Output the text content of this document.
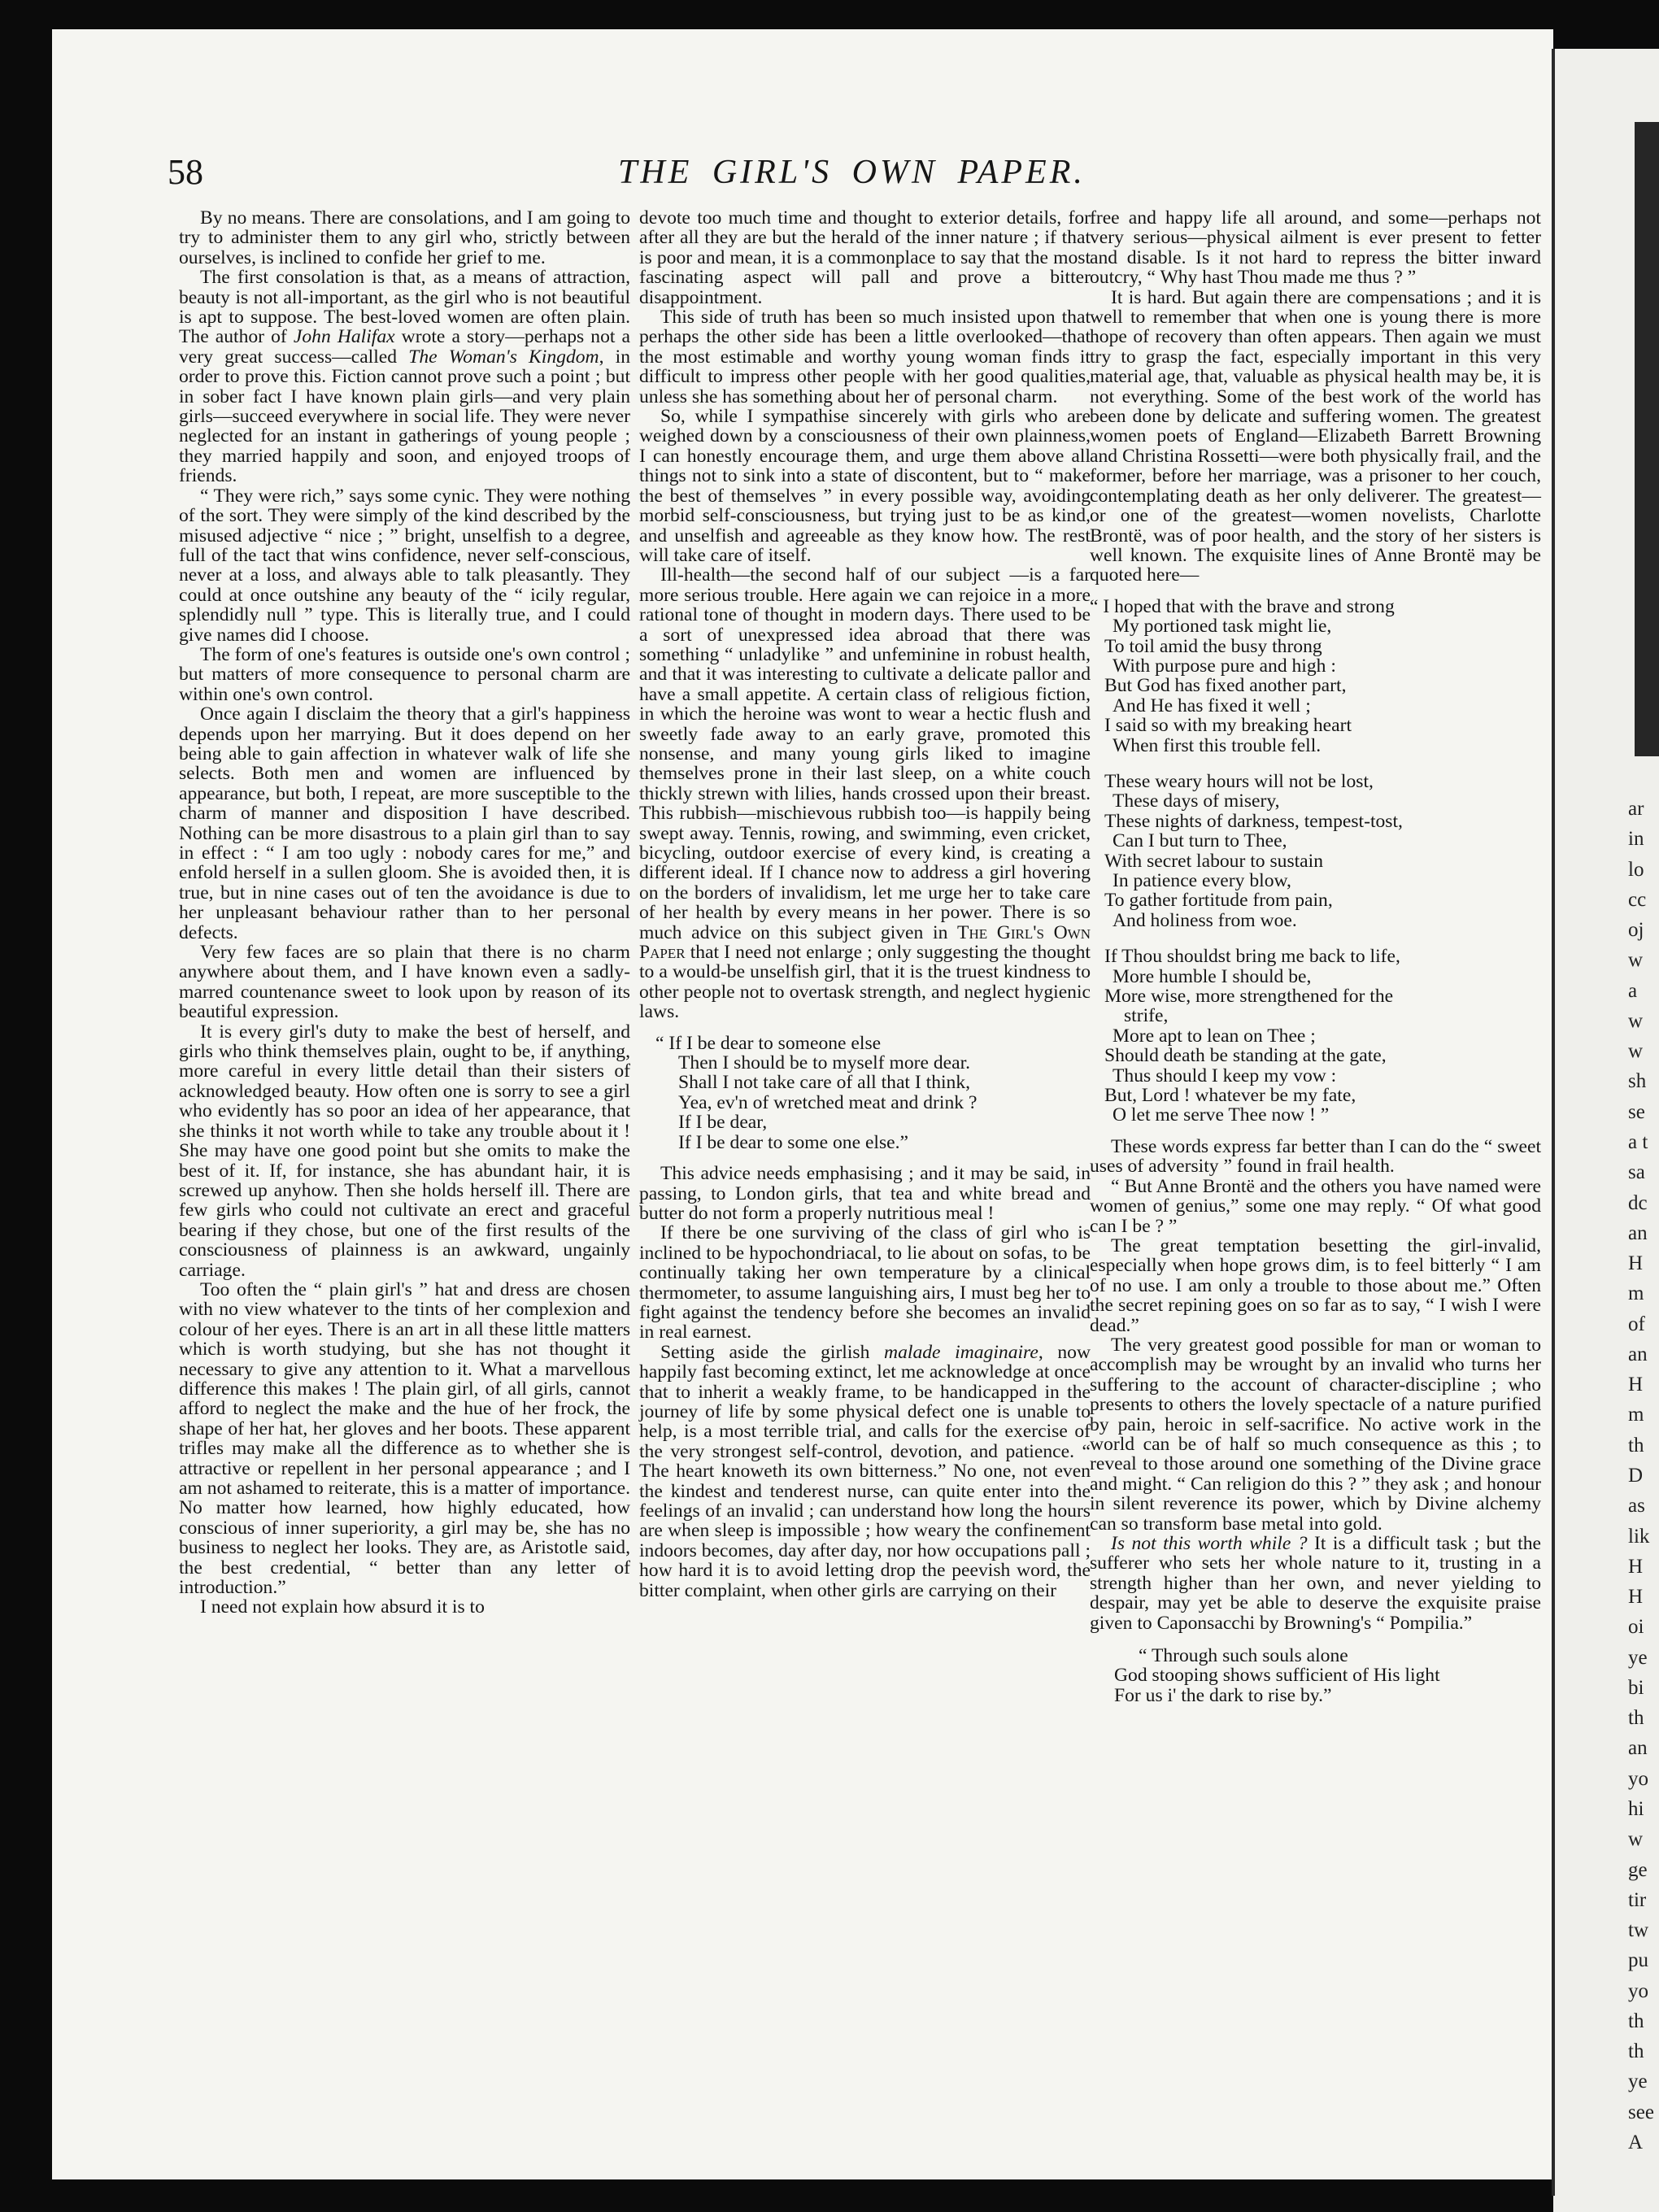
ar
in
lo
cc
oj
w
a
w
w
sh
se
a t
sa
dc
an
H
m
of
an
H
m
th
D
as
lik
H
H
oi
ye
bi
th
an
yo
hi
w
ge
tir
tw
pu
yo
th
th
ye
see
A
58	THE GIRL'S OWN PAPER.

By no means. There are consolations, and I am going to try to administer them to any girl who, strictly between ourselves, is inclined to confide her grief to me.

The first consolation is that, as a means of attraction, beauty is not all-important, as the girl who is not beautiful is apt to suppose. The best-loved women are often plain. The author of John Halifax wrote a story—perhaps not a very great success—called The Woman's Kingdom, in order to prove this. Fiction cannot prove such a point ; but in sober fact I have known plain girls—and very plain girls—succeed everywhere in social life. They were never neglected for an instant in gatherings of young people ; they married happily and soon, and enjoyed troops of friends.

“ They were rich,” says some cynic. They were nothing of the sort. They were simply of the kind described by the misused adjective “ nice ; ” bright, unselfish to a degree, full of the tact that wins confidence, never self-conscious, never at a loss, and always able to talk pleasantly. They could at once outshine any beauty of the “ icily regular, splendidly null ” type. This is literally true, and I could give names did I choose.

The form of one's features is outside one's own control ; but matters of more consequence to personal charm are within one's own control.

Once again I disclaim the theory that a girl's happiness depends upon her marrying. But it does depend on her being able to gain affection in whatever walk of life she selects. Both men and women are influenced by appearance, but both, I repeat, are more susceptible to the charm of manner and disposition I have described. Nothing can be more disastrous to a plain girl than to say in effect : “ I am too ugly : nobody cares for me,” and enfold herself in a sullen gloom. She is avoided then, it is true, but in nine cases out of ten the avoidance is due to her unpleasant behaviour rather than to her personal defects.

Very few faces are so plain that there is no charm anywhere about them, and I have known even a sadly-marred countenance sweet to look upon by reason of its beautiful expression.

It is every girl's duty to make the best of herself, and girls who think themselves plain, ought to be, if anything, more careful in every little detail than their sisters of acknowledged beauty. How often one is sorry to see a girl who evidently has so poor an idea of her appearance, that she thinks it not worth while to take any trouble about it ! She may have one good point but she omits to make the best of it. If, for instance, she has abundant hair, it is screwed up anyhow. Then she holds herself ill. There are few girls who could not cultivate an erect and graceful bearing if they chose, but one of the first results of the consciousness of plainness is an awkward, ungainly carriage.

Too often the “ plain girl's ” hat and dress are chosen with no view whatever to the tints of her complexion and colour of her eyes. There is an art in all these little matters which is worth studying, but she has not thought it necessary to give any attention to it. What a marvellous difference this makes ! The plain girl, of all girls, cannot afford to neglect the make and the hue of her frock, the shape of her hat, her gloves and her boots. These apparent trifles may make all the difference as to whether she is attractive or repellent in her personal appearance ; and I am not ashamed to reiterate, this is a matter of importance. No matter how learned, how highly educated, how conscious of inner superiority, a girl may be, she has no business to neglect her looks. They are, as Aristotle said, the best credential, “ better than any letter of introduction.”

I need not explain how absurd it is to

devote too much time and thought to exterior details, for after all they are but the herald of the inner nature ; if that is poor and mean, it is a commonplace to say that the most fascinating aspect will pall and prove a bitter disappointment.

This side of truth has been so much insisted upon that perhaps the other side has been a little overlooked—that the most estimable and worthy young woman finds it difficult to impress other people with her good qualities, unless she has something about her of personal charm.

So, while I sympathise sincerely with girls who are weighed down by a consciousness of their own plainness, I can honestly encourage them, and urge them above all things not to sink into a state of discontent, but to “ make the best of themselves ” in every possible way, avoiding morbid self-consciousness, but trying just to be as kind, and unselfish and agreeable as they know how. The rest will take care of itself.

Ill-health—the second half of our subject —is a far more serious trouble. Here again we can rejoice in a more rational tone of thought in modern days. There used to be a sort of unexpressed idea abroad that there was something “ unladylike ” and unfeminine in robust health, and that it was interesting to cultivate a delicate pallor and have a small appetite. A certain class of religious fiction, in which the heroine was wont to wear a hectic flush and sweetly fade away to an early grave, promoted this nonsense, and many young girls liked to imagine themselves prone in their last sleep, on a white couch thickly strewn with lilies, hands crossed upon their breast. This rubbish—mischievous rubbish too—is happily being swept away. Tennis, rowing, and swimming, even cricket, bicycling, outdoor exercise of every kind, is creating a different ideal. If I chance now to address a girl hovering on the borders of invalidism, let me urge her to take care of her health by every means in her power. There is so much advice on this subject given in The Girl's Own Paper that I need not enlarge ; only suggesting the thought to a would-be unselfish girl, that it is the truest kindness to other people not to overtask strength, and neglect hygienic laws.

“ If I be dear to someone else
Then I should be to myself more dear.
Shall I not take care of all that I think,
Yea, ev'n of wretched meat and drink ?
If I be dear,
If I be dear to some one else.”

This advice needs emphasising ; and it may be said, in passing, to London girls, that tea and white bread and butter do not form a properly nutritious meal !

If there be one surviving of the class of girl who is inclined to be hypochondriacal, to lie about on sofas, to be continually taking her own temperature by a clinical thermometer, to assume languishing airs, I must beg her to fight against the tendency before she becomes an invalid in real earnest.

Setting aside the girlish malade imaginaire, now happily fast becoming extinct, let me acknowledge at once that to inherit a weakly frame, to be handicapped in the journey of life by some physical defect one is unable to help, is a most terrible trial, and calls for the exercise of the very strongest self-control, devotion, and patience. “ The heart knoweth its own bitterness.” No one, not even the kindest and tenderest nurse, can quite enter into the feelings of an invalid ; can understand how long the hours are when sleep is impossible ; how weary the confinement indoors becomes, day after day, nor how occupations pall ; how hard it is to avoid letting drop the peevish word, the bitter complaint, when other girls are carrying on their

free and happy life all around, and some—perhaps not very serious—physical ailment is ever present to fetter and disable. Is it not hard to repress the bitter inward outcry, “ Why hast Thou made me thus ? ”

It is hard. But again there are compensations ; and it is well to remember that when one is young there is more hope of recovery than often appears. Then again we must try to grasp the fact, especially important in this very material age, that, valuable as physical health may be, it is not everything. Some of the best work of the world has been done by delicate and suffering women. The greatest women poets of England—Elizabeth Barrett Browning and Christina Rossetti—were both physically frail, and the former, before her marriage, was a prisoner to her couch, contemplating death as her only deliverer. The greatest—or one of the greatest—women novelists, Charlotte Brontë, was of poor health, and the story of her sisters is well known. The exquisite lines of Anne Brontë may be quoted here—

“ I hoped that with the brave and strong
My portioned task might lie,
To toil amid the busy throng
With purpose pure and high :
But God has fixed another part,
And He has fixed it well ;
I said so with my breaking heart
When first this trouble fell.
These weary hours will not be lost,
These days of misery,
These nights of darkness, tempest-tost,
Can I but turn to Thee,
With secret labour to sustain
In patience every blow,
To gather fortitude from pain,
And holiness from woe.
If Thou shouldst bring me back to life,
More humble I should be,
More wise, more strengthened for the
strife,
More apt to lean on Thee ;
Should death be standing at the gate,
Thus should I keep my vow :
But, Lord ! whatever be my fate,
O let me serve Thee now ! ”

These words express far better than I can do the “ sweet uses of adversity ” found in frail health.

“ But Anne Brontë and the others you have named were women of genius,” some one may reply. “ Of what good can I be ? ”

The great temptation besetting the girl-invalid, especially when hope grows dim, is to feel bitterly “ I am of no use. I am only a trouble to those about me.” Often the secret repining goes on so far as to say, “ I wish I were dead.”

The very greatest good possible for man or woman to accomplish may be wrought by an invalid who turns her suffering to the account of character-discipline ; who presents to others the lovely spectacle of a nature purified by pain, heroic in self-sacrifice. No active work in the world can be of half so much consequence as this ; to reveal to those around one something of the Divine grace and might. “ Can religion do this ? ” they ask ; and honour in silent reverence its power, which by Divine alchemy can so transform base metal into gold.

Is not this worth while ? It is a difficult task ; but the sufferer who sets her whole nature to it, trusting in a strength higher than her own, and never yielding to despair, may yet be able to deserve the exquisite praise given to Caponsacchi by Browning's “ Pompilia.”

“ Through such souls alone
God stooping shows sufficient of His light
For us i' the dark to rise by.”
